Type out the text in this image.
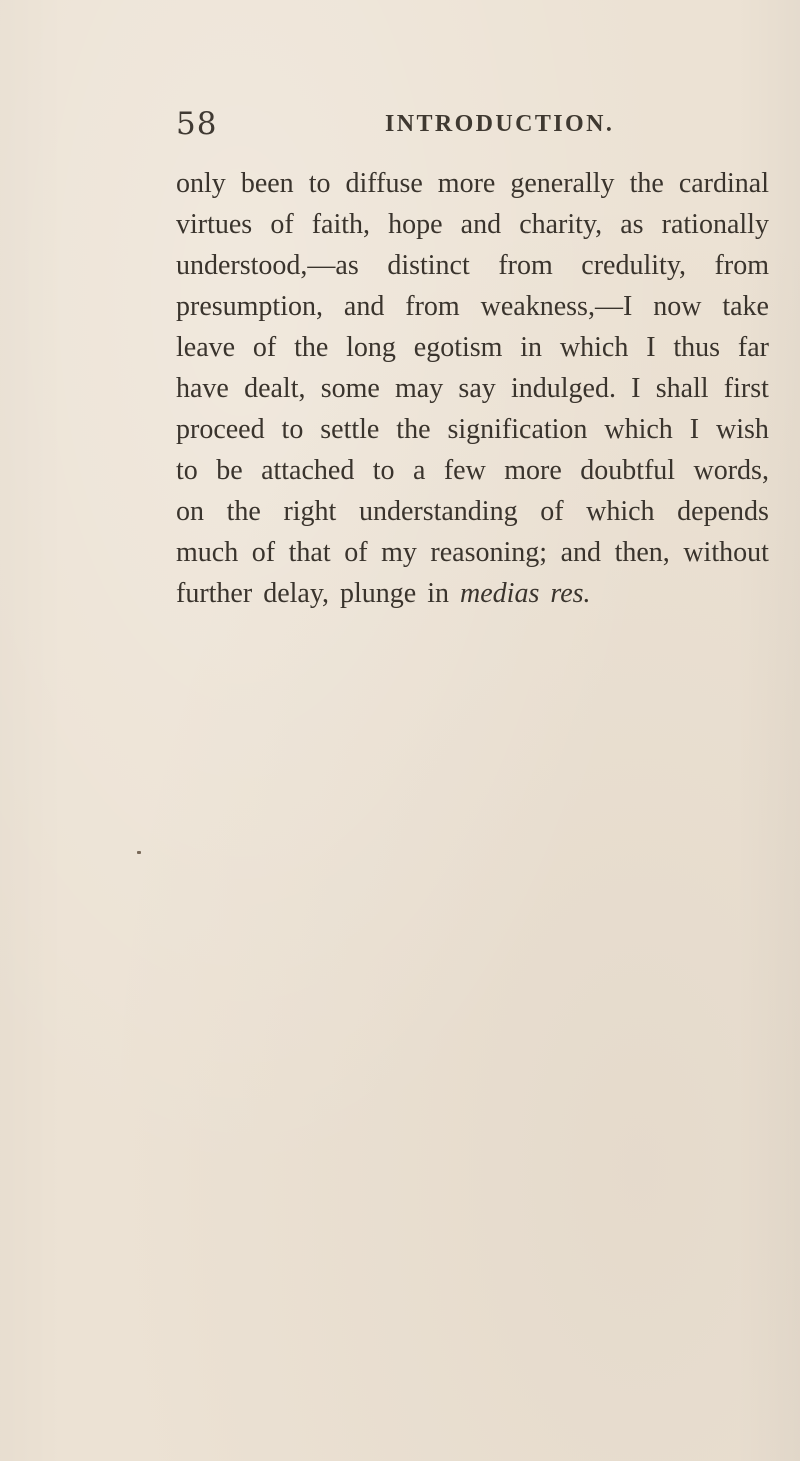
58	INTRODUCTION.
only been to diffuse more generally the cardinal
virtues of faith, hope and charity, as rationally
understood,—as distinct from credulity, from
presumption, and from weakness,—I now take
leave of the long egotism in which I thus far
have dealt, some may say indulged. I shall first
proceed to settle the signification which I wish
to be attached to a few more doubtful words,
on the right understanding of which depends
much of that of my reasoning; and then, without
further delay, plunge in medias res.
